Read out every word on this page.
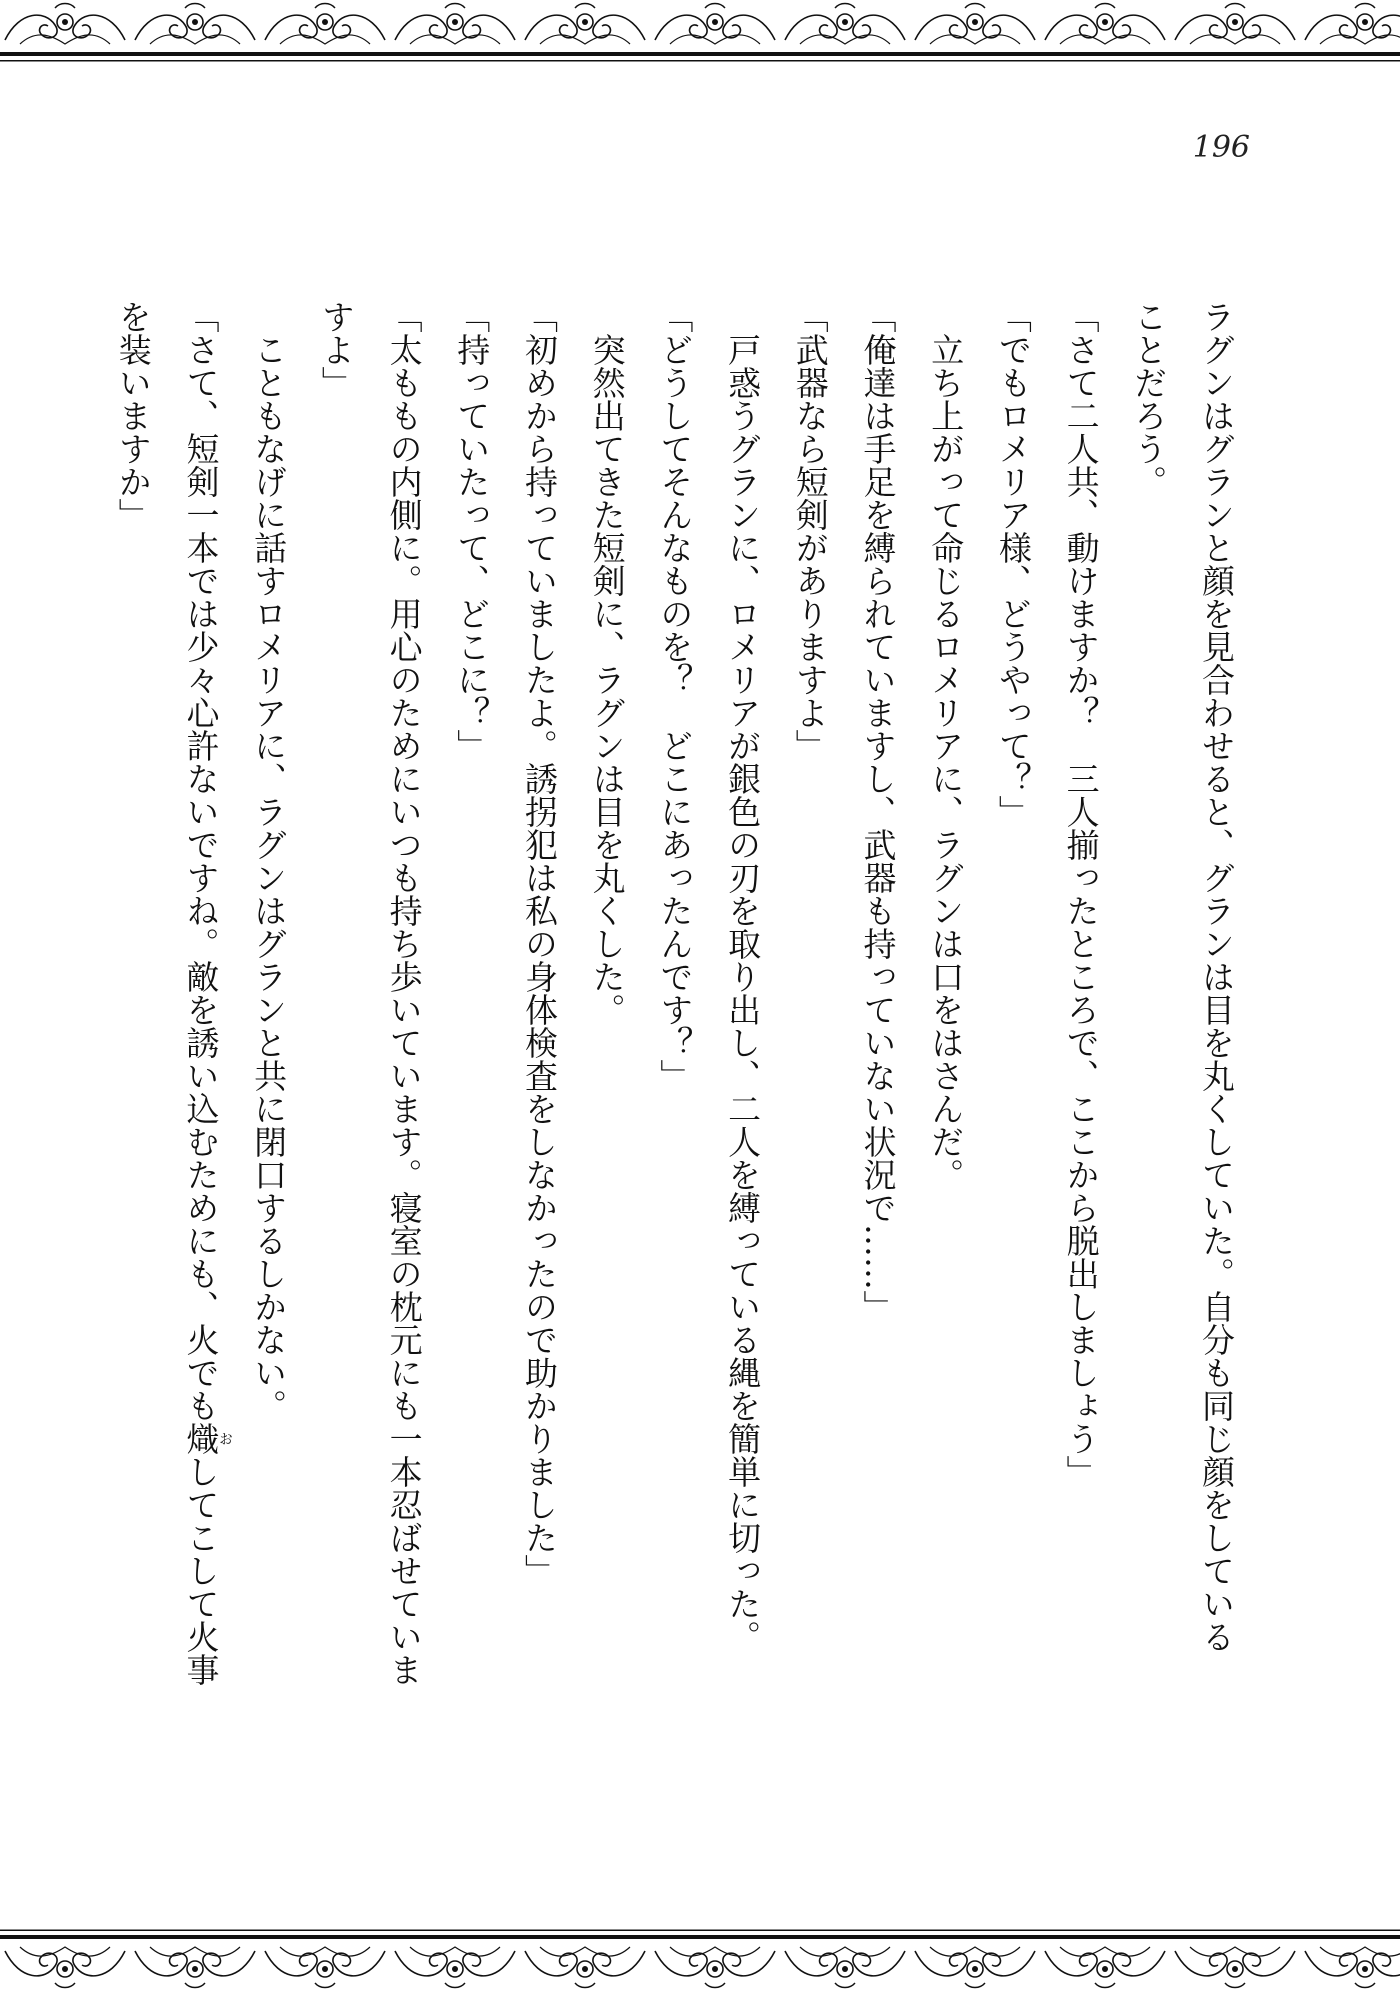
196

ラグンはグランと顔を見合わせると、グランは目を丸くしていた。自分も同じ顔をしている

ことだろう。

「さて二人共、動けますか？　三人揃ったところで、ここから脱出しましょう」

「でもロメリア様、どうやって？」

　立ち上がって命じるロメリアに、ラグンは口をはさんだ。

「俺達は手足を縛られていますし、武器も持っていない状況で……」

「武器なら短剣がありますよ」

　戸惑うグランに、ロメリアが銀色の刃を取り出し、二人を縛っている縄を簡単に切った。

「どうしてそんなものを？　どこにあったんです？」

　突然出てきた短剣に、ラグンは目を丸くした。

「初めから持っていましたよ。誘拐犯は私の身体検査をしなかったので助かりました」

「持っていたって、どこに？」

「太ももの内側に。用心のためにいつも持ち歩いています。寝室の枕元にも一本忍ばせていま

すよ」

　こともなげに話すロメリアに、ラグンはグランと共に閉口するしかない。

「さて、短剣一本では少々心許ないですね。敵を誘い込むためにも、火でも熾おしてこして火事

を装いますか」
